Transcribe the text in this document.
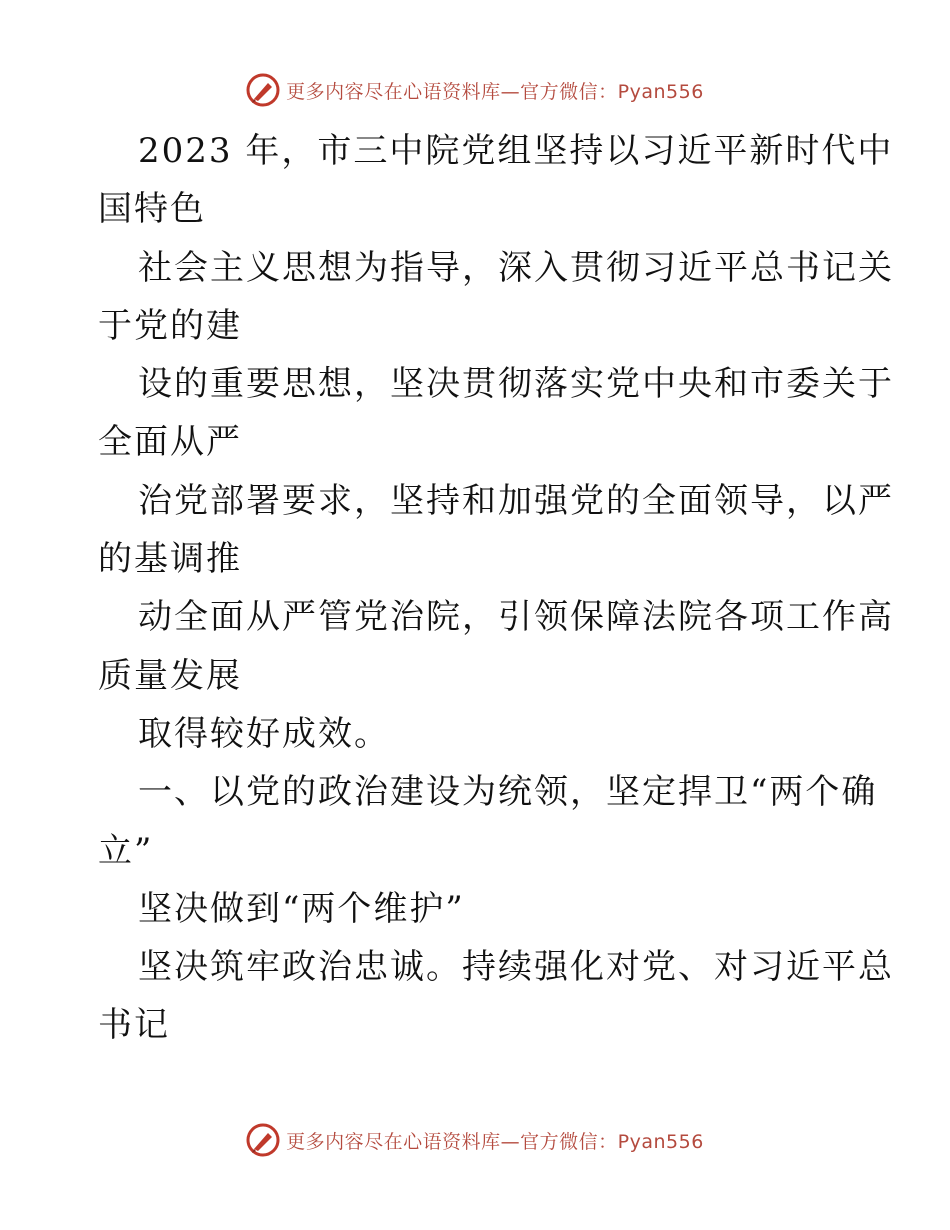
更多内容尽在心语资料库—官方微信：Pyan556
2023 年，市三中院党组坚持以习近平新时代中
国特色
社会主义思想为指导，深入贯彻习近平总书记关
于党的建
设的重要思想，坚决贯彻落实党中央和市委关于
全面从严
治党部署要求，坚持和加强党的全面领导，以严
的基调推
动全面从严管党治院，引领保障法院各项工作高
质量发展
取得较好成效。
一、以党的政治建设为统领，坚定捍卫“两个确
立”
坚决做到“两个维护”
坚决筑牢政治忠诚。持续强化对党、对习近平总
书记
更多内容尽在心语资料库—官方微信：Pyan556
